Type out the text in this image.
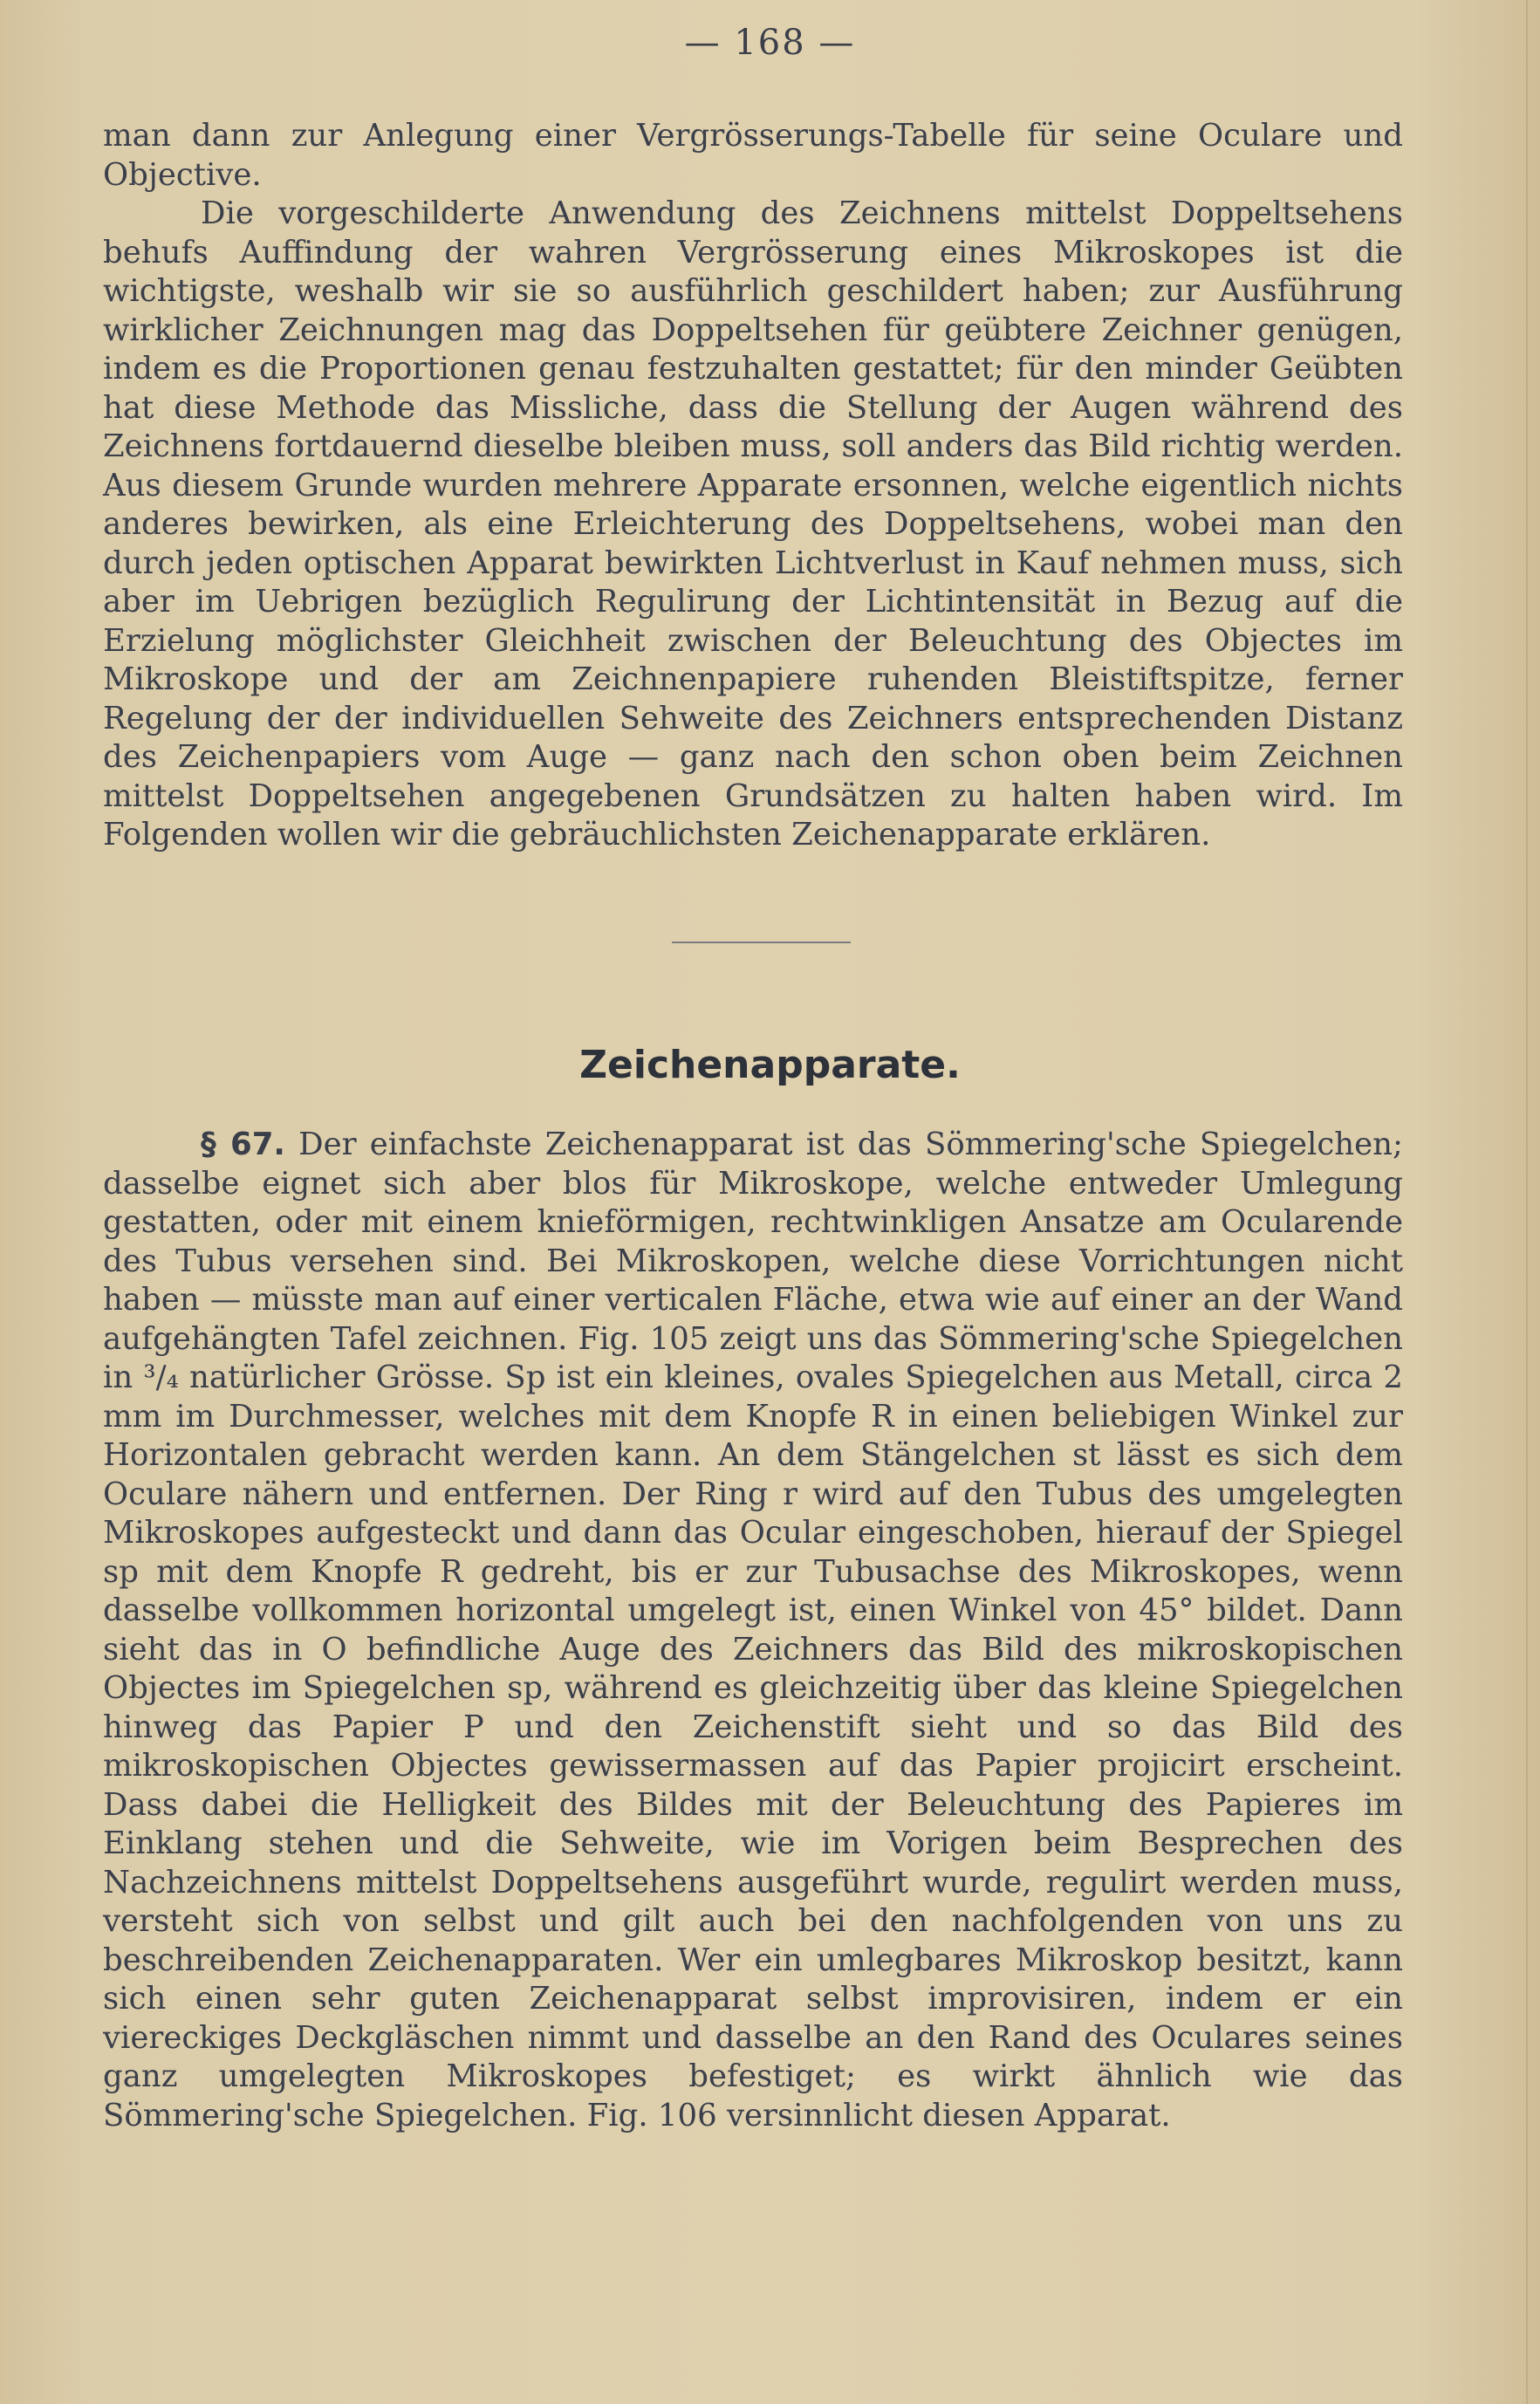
— 168 —

man dann zur Anlegung einer Vergrösserungs-Tabelle für seine Oculare und Objective.

Die vorgeschilderte Anwendung des Zeichnens mittelst Doppeltsehens behufs Auffindung der wahren Vergrösserung eines Mikroskopes ist die wichtigste, weshalb wir sie so ausführlich geschildert haben; zur Ausführung wirklicher Zeichnungen mag das Doppeltsehen für geübtere Zeichner genügen, indem es die Proportionen genau festzuhalten gestattet; für den minder Geübten hat diese Methode das Missliche, dass die Stellung der Augen während des Zeichnens fortdauernd dieselbe bleiben muss, soll anders das Bild richtig werden. Aus diesem Grunde wurden mehrere Apparate ersonnen, welche eigentlich nichts anderes bewirken, als eine Erleichterung des Doppeltsehens, wobei man den durch jeden optischen Apparat bewirkten Lichtverlust in Kauf nehmen muss, sich aber im Uebrigen bezüglich Regulirung der Lichtintensität in Bezug auf die Erzielung möglichster Gleichheit zwischen der Beleuchtung des Objectes im Mikroskope und der am Zeichnenpapiere ruhenden Bleistiftspitze, ferner Regelung der der individuellen Sehweite des Zeichners entsprechenden Distanz des Zeichenpapiers vom Auge — ganz nach den schon oben beim Zeichnen mittelst Doppeltsehen angegebenen Grundsätzen zu halten haben wird. Im Folgenden wollen wir die gebräuchlichsten Zeichenapparate erklären.

Zeichenapparate.

§ 67. Der einfachste Zeichenapparat ist das Sömmering'sche Spiegelchen; dasselbe eignet sich aber blos für Mikroskope, welche entweder Umlegung gestatten, oder mit einem knieförmigen, rechtwinkligen Ansatze am Ocularende des Tubus versehen sind. Bei Mikroskopen, welche diese Vorrichtungen nicht haben — müsste man auf einer verticalen Fläche, etwa wie auf einer an der Wand aufgehängten Tafel zeichnen. Fig. 105 zeigt uns das Sömmering'sche Spiegelchen in ³/₄ natürlicher Grösse. Sp ist ein kleines, ovales Spiegelchen aus Metall, circa 2 mm im Durchmesser, welches mit dem Knopfe R in einen beliebigen Winkel zur Horizontalen gebracht werden kann. An dem Stängelchen st lässt es sich dem Oculare nähern und entfernen. Der Ring r wird auf den Tubus des umgelegten Mikroskopes aufgesteckt und dann das Ocular eingeschoben, hierauf der Spiegel sp mit dem Knopfe R gedreht, bis er zur Tubusachse des Mikroskopes, wenn dasselbe vollkommen horizontal umgelegt ist, einen Winkel von 45° bildet. Dann sieht das in O befindliche Auge des Zeichners das Bild des mikroskopischen Objectes im Spiegelchen sp, während es gleichzeitig über das kleine Spiegelchen hinweg das Papier P und den Zeichenstift sieht und so das Bild des mikroskopischen Objectes gewissermassen auf das Papier projicirt erscheint. Dass dabei die Helligkeit des Bildes mit der Beleuchtung des Papieres im Einklang stehen und die Sehweite, wie im Vorigen beim Besprechen des Nachzeichnens mittelst Doppeltsehens ausgeführt wurde, regulirt werden muss, versteht sich von selbst und gilt auch bei den nachfolgenden von uns zu beschreibenden Zeichenapparaten. Wer ein umlegbares Mikroskop besitzt, kann sich einen sehr guten Zeichenapparat selbst improvisiren, indem er ein viereckiges Deckgläschen nimmt und dasselbe an den Rand des Oculares seines ganz umgelegten Mikroskopes befestiget; es wirkt ähnlich wie das Sömmering'sche Spiegelchen. Fig. 106 versinnlicht diesen Apparat.
